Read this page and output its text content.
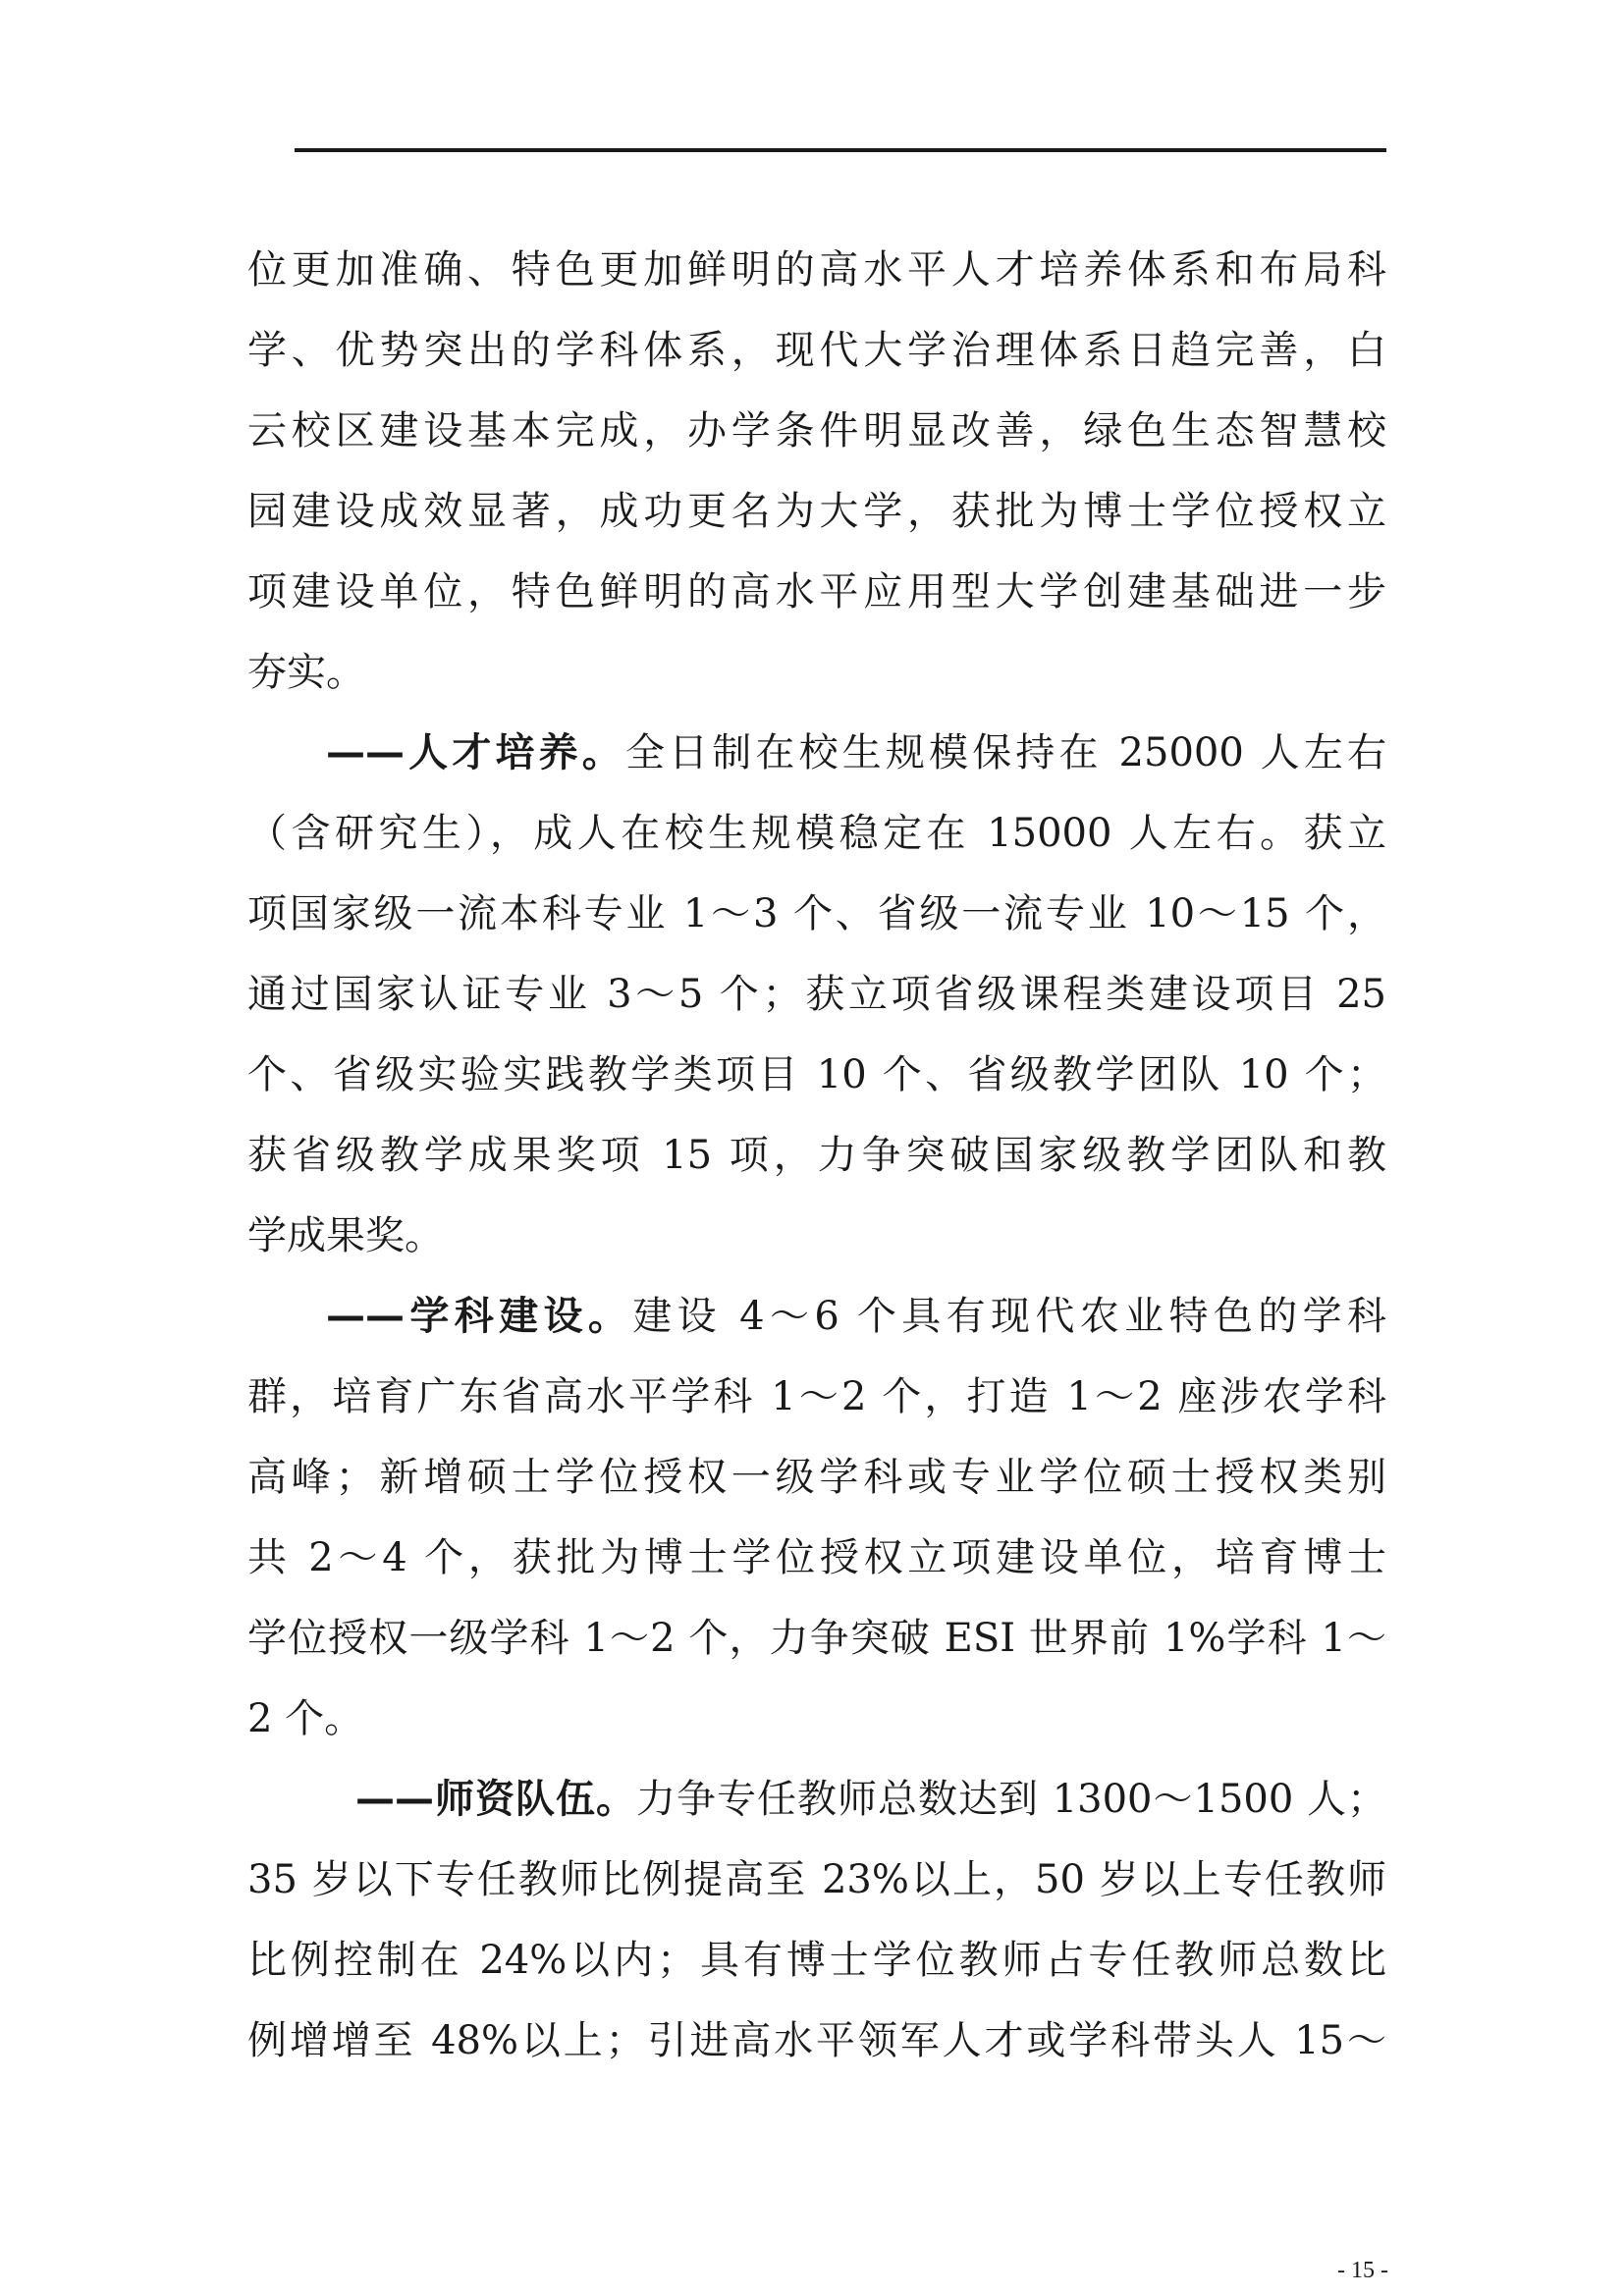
位更加准确、特色更加鲜明的高水平人才培养体系和布局科
学、优势突出的学科体系，现代大学治理体系日趋完善，白
云校区建设基本完成，办学条件明显改善，绿色生态智慧校
园建设成效显著，成功更名为大学，获批为博士学位授权立
项建设单位，特色鲜明的高水平应用型大学创建基础进一步
夯实。
——人才培养。全日制在校生规模保持在 25000 人左右
（含研究生），成人在校生规模稳定在 15000 人左右。获立
项国家级一流本科专业 1～3 个、省级一流专业 10～15 个，
通过国家认证专业 3～5 个；获立项省级课程类建设项目 25
个、省级实验实践教学类项目 10 个、省级教学团队 10 个；
获省级教学成果奖项 15 项，力争突破国家级教学团队和教
学成果奖。
——学科建设。建设 4～6 个具有现代农业特色的学科
群，培育广东省高水平学科 1～2 个，打造 1～2 座涉农学科
高峰；新增硕士学位授权一级学科或专业学位硕士授权类别
共 2～4 个，获批为博士学位授权立项建设单位，培育博士
学位授权一级学科 1～2 个，力争突破 ESI 世界前 1%学科 1～
2 个。
——师资队伍。力争专任教师总数达到 1300～1500 人；
35 岁以下专任教师比例提高至 23%以上，50 岁以上专任教师
比例控制在 24%以内；具有博士学位教师占专任教师总数比
例增增至 48%以上；引进高水平领军人才或学科带头人 15～
- 15 -
